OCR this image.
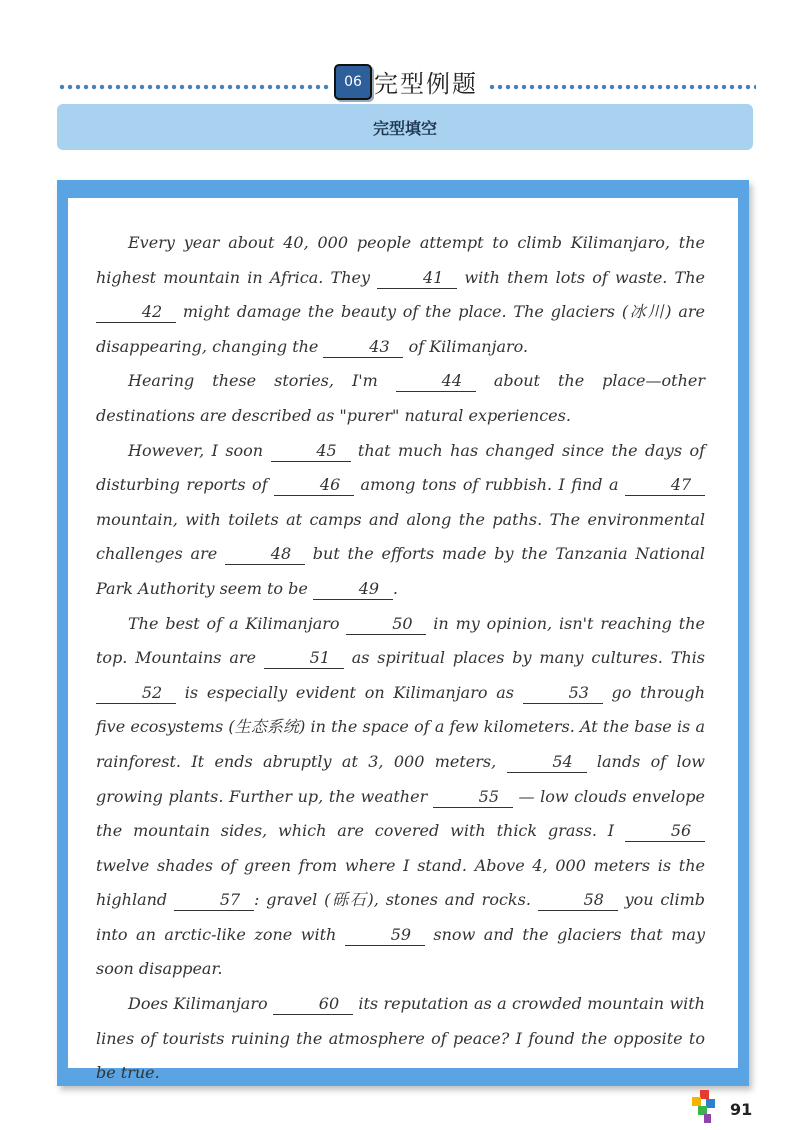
06 完型例题
完型填空

Every year about 40, 000 people attempt to climb Kilimanjaro, the highest mountain in Africa. They	41 with them lots of waste. The42 might damage the beauty of the place. The glaciers (冰川) are disappearing, changing the	43 of Kilimanjaro.

Hearing these stories, I'm	44 about the place—other destinations are described as "purer" natural experiences.

However, I soon	45 that much has changed since the days of disturbing reports of	46 among tons of rubbish. I find a	47 mountain, with toilets at camps and along the paths. The environmental challenges are	48 but the efforts made by the Tanzania National Park Authority seem to be	49 .

The best of a Kilimanjaro	50 in my opinion, isn't reaching the top. Mountains are	51 as spiritual places by many cultures. This 52 is especially evident on Kilimanjaro as	53 go through five ecosystems (生态系统) in the space of a few kilometers. At the base is a rainforest. It ends abruptly at 3, 000 meters,	54 lands of low growing plants. Further up, the weather	55 — low clouds envelope the mountain sides, which are covered with thick grass. I	56 twelve shades of green from where I stand. Above 4, 000 meters is the highland	57 : gravel (砾石), stones and rocks.	58 you climb into an arctic-like zone with	59 snow and the glaciers that may soon disappear.

Does Kilimanjaro	60 its reputation as a crowded mountain with lines of tourists ruining the atmosphere of peace? I found the opposite to be true.

91
